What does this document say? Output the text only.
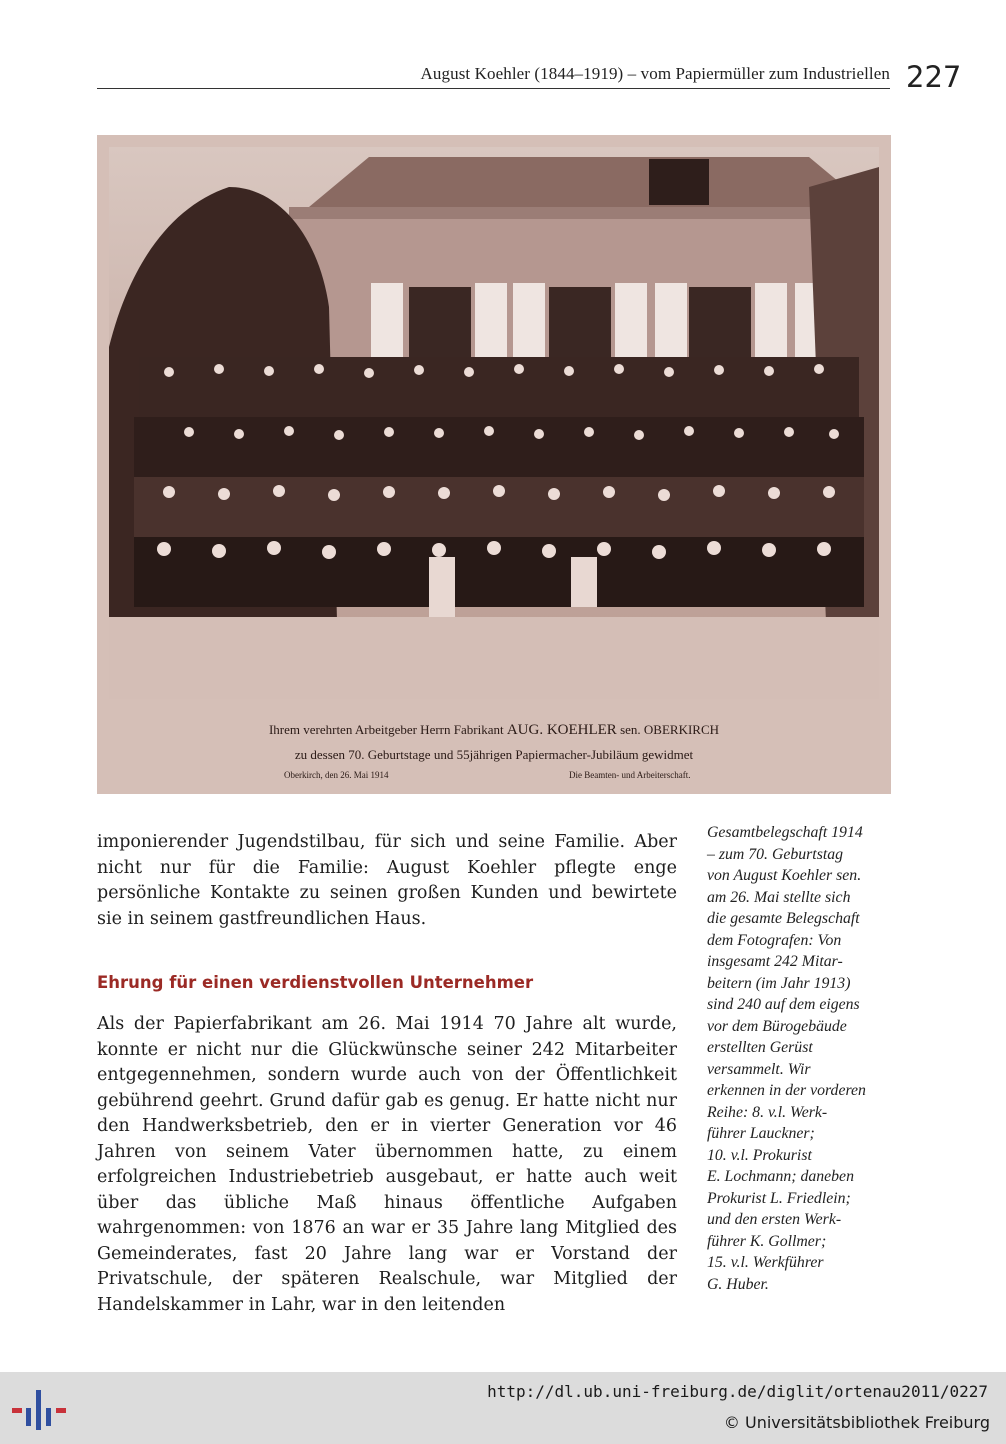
August Koehler (1844–1919) – vom Papiermüller zum Industriellen 227
Ihrem verehrten Arbeitgeber Herrn Fabrikant AUG. KOEHLER sen. OBERKIRCH
zu dessen 70. Geburtstage und 55jährigen Papiermacher-Jubiläum gewidmet
Oberkirch, den 26. Mai 1914	Die Beamten- und Arbeiterschaft.
imponierender Jugendstilbau, für sich und seine Familie. Aber nicht nur für die Familie: August Koehler pflegte enge persönliche Kontakte zu seinen großen Kunden und bewirtete sie in seinem gastfreundlichen Haus.
Ehrung für einen verdienstvollen Unternehmer
Als der Papierfabrikant am 26. Mai 1914 70 Jahre alt wurde, konnte er nicht nur die Glückwünsche seiner 242 Mitarbeiter entgegennehmen, sondern wurde auch von der Öffentlichkeit gebührend geehrt. Grund dafür gab es genug. Er hatte nicht nur den Handwerksbetrieb, den er in vierter Generation vor 46 Jahren von seinem Vater übernommen hatte, zu einem erfolgreichen Industriebetrieb ausgebaut, er hatte auch weit über das übliche Maß hinaus öffentliche Aufgaben wahrgenommen: von 1876 an war er 35 Jahre lang Mitglied des Gemeinderates, fast 20 Jahre lang war er Vorstand der Privatschule, der späteren Realschule, war Mitglied der Handelskammer in Lahr, war in den leitenden
Gesamtbelegschaft 1914
– zum 70. Geburtstag
von August Koehler sen.
am 26. Mai stellte sich
die gesamte Belegschaft
dem Fotografen: Von
insgesamt 242 Mitar-
beitern (im Jahr 1913)
sind 240 auf dem eigens
vor dem Bürogebäude
erstellten Gerüst
versammelt. Wir
erkennen in der vorderen
Reihe: 8. v.l. Werk-
führer Lauckner;
10. v.l. Prokurist
E. Lochmann; daneben
Prokurist L. Friedlein;
und den ersten Werk-
führer K. Gollmer;
15. v.l. Werkführer
G. Huber.
http://dl.ub.uni-freiburg.de/diglit/ortenau2011/0227
© Universitätsbibliothek Freiburg
